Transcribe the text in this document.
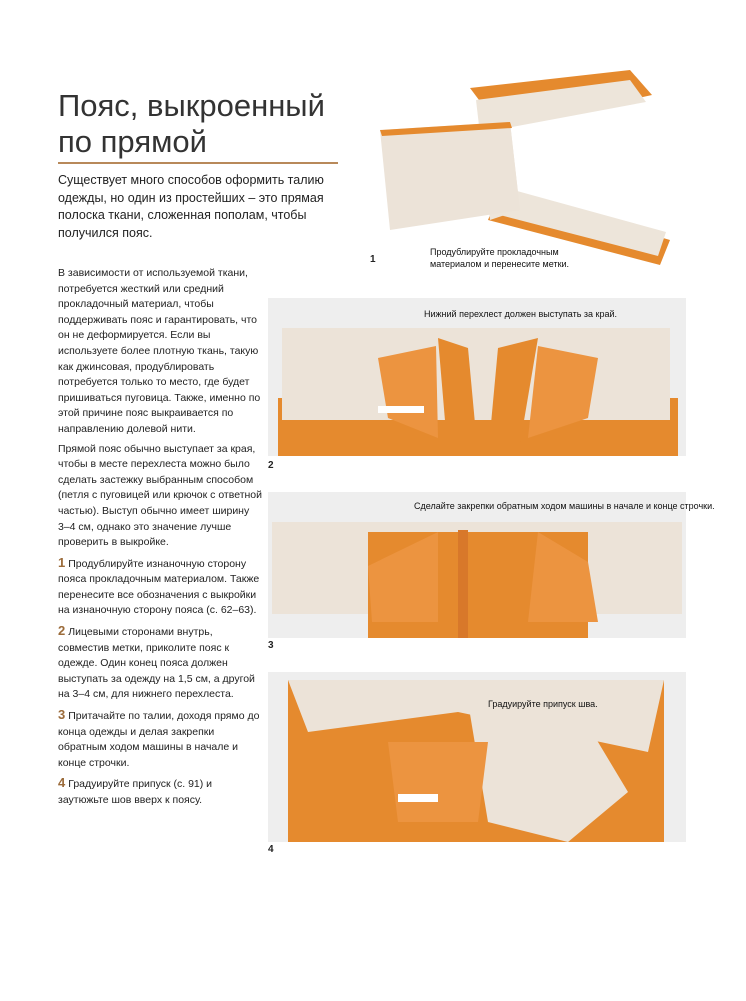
Пояс, выкроенный
по прямой

Существует много способов оформить талию одежды, но один из простейших – это прямая полоска ткани, сложенная пополам, чтобы получился пояс.

В зависимости от используемой ткани, потребуется жесткий или средний прокладочный материал, чтобы поддерживать пояс и гарантировать, что он не деформируется. Если вы используете более плотную ткань, такую как джинсовая, продублировать потребуется только то место, где будет пришиваться пуговица. Также, именно по этой причине пояс выкраивается по направлению долевой нити.

Прямой пояс обычно выступает за края, чтобы в месте перехлеста можно было сделать застежку выбранным способом (петля с пуговицей или крючок с ответной частью). Выступ обычно имеет ширину 3–4 см, однако это значение лучше проверить в выкройке.

1 Продублируйте изнаночную сторону пояса прокладочным материалом. Также перенесите все обозначения с выкройки на изнаночную сторону пояса (с. 62–63).

2 Лицевыми сторонами внутрь, совместив метки, приколите пояс к одежде. Один конец пояса должен выступать за одежду на 1,5 см, а другой на 3–4 см, для нижнего перехлеста.

3 Притачайте по талии, доходя прямо до конца одежды и делая закрепки обратным ходом машины в начале и конце строчки.

4 Градуируйте припуск (с. 91) и заутюжьте шов вверх к поясу.

1
Продублируйте прокладочным
материалом и перенесите метки.
2
Нижний перехлест должен выступать за край.
3
Сделайте закрепки обратным ходом машины в начале и конце строчки.
4
Градуируйте припуск шва.
